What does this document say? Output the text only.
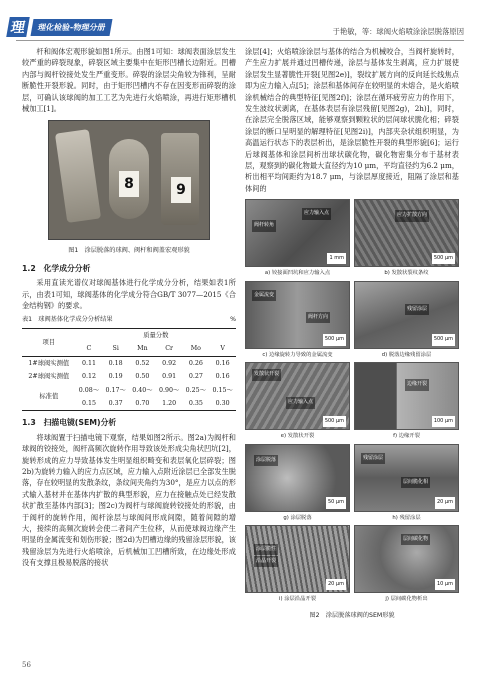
理	理化检验-物理分册	于艳敏，等：球阀火焰喷涂涂层脱落原因

杆和阀体宏观形貌如图1所示。由图1可知：球阀表面涂层发生较严重的碎裂现象，碎裂区域主要集中在矩形凹槽长边附近。凹槽内部与阀杆铰接处发生严重变形。碎裂的涂层尖角较为锋利，呈耐断脆性开裂形貌。同时，由于矩形凹槽内不存在因变形而碎裂的涂层，可确认该球阀的加工工艺为先进行火焰喷涂，再进行矩形槽机械加工[1]。

8	9
图1　涂层脱落的球阀、阀杆和阀盖宏观形貌
1.2　化学成分分析

采用直读光谱仪对球阀基体进行化学成分分析，结果如表1所示，由表1可知，球阀基体的化学成分符合GB/T 3077—2015《合金结构钢》的要求。

表1　球阀基体化学成分分析结果	%
项目	质量分数					
	C	Si	Mn	Cr	Mo	V
1#球阀实测值	0.11	0.18	0.52	0.92	0.26	0.16
2#球阀实测值	0.12	0.19	0.50	0.91	0.27	0.16
标准值	0.08～	0.17～	0.40～	0.90～	0.25～	0.15～
	0.15	0.37	0.70	1.20	0.35	0.30
1.3　扫描电镜(SEM)分析

将球阀置于扫描电镜下观察，结果如图2所示。图2a)为阀杆和球阀的铰接处，阀杆高频次旋转作用导致该处形成尖角状凹坑[2]，旋转形成的应力导致基体发生明显组织畸变和表层氧化层碎裂；图2b)为旋转力输入的应力点区域，应力输入点附近涂层已全部发生脱落，存在较明显的发散条纹，条纹间夹角约为30°，是应力以点的形式输入基材并在基体内扩散的典型形貌，应力在接触点处已经发散状扩散至基体内部[3]；图2c)为阀杆与球阀旋转铰接处的形貌，由于阀杆的旋转作用，阀杆涂层与球阀间形成间隙，随着间隙的增大，接续的高频次旋转会使二者间产生位移，从而使球阀边缘产生明显的金属流变和划伤形貌；图2d)为凹槽边缘的残留涂层形貌，该残留涂层为先进行火焰喷涂，后机械加工凹槽所致，在边缘处形成没有支撑且极易脱落的接状

涂层[4]；火焰喷涂涂层与基体的结合为机械咬合，当阀杆旋转时，产生应力扩展并通过凹槽传递，涂层与基体发生剥离，应力扩展使涂层发生显著脆性开裂[见图2e)]，裂纹扩展方向的反向延长线焦点即为应力输入点[5]；涂层和基体间存在较明显的未熔合，是火焰喷涂机械结合的典型特征[见图2f)]；涂层在循环疲劳应力的作用下，发生波纹状剥离，在基体表层有涂层残留[见图2g)，2h)]，同时，在涂层完全脱落区域，能够观察到颗粒状的层间球状脆化相；碎裂涂层的断口呈明显的解理特征[见图2i)]，内部夹杂状组织明显，为高温运行状态下的表层析出，是涂层脆性开裂的典型形貌[6]；运行后球阀基体和涂层间析出球状碳化物，碳化物密集分布于基材表层，观察到的碳化物最大直径约为10 μm，平均直径约为6.2 μm，析出相平均间距约为18.7 μm，与涂层厚度接近，阻隔了涂层和基体间的

阀杆转角
应力输入点
1 mm
a) 铰接面凹坑和应力输入点
应力扩散方向
500 μm
b) 发散状裂纹条纹
金属流变
阀杆方向
500 μm
c) 边缘旋转力导致的金属流变
残留涂层
500 μm
d) 脱落边缘残留涂层
发散状开裂
应力输入点
500 μm
e) 发散状开裂
边缘开裂
100 μm
f) 边缘开裂
涂层脱落
50 μm
g) 涂层脱落
残留涂层
层间脆化相
20 μm
h) 残留涂层
涂层脆性
沿晶开裂
20 μm
i) 涂层沿晶开裂
层间碳化物
10 μm
j) 层间碳化物析出
图2　涂层脱落球阀的SEM形貌
56
